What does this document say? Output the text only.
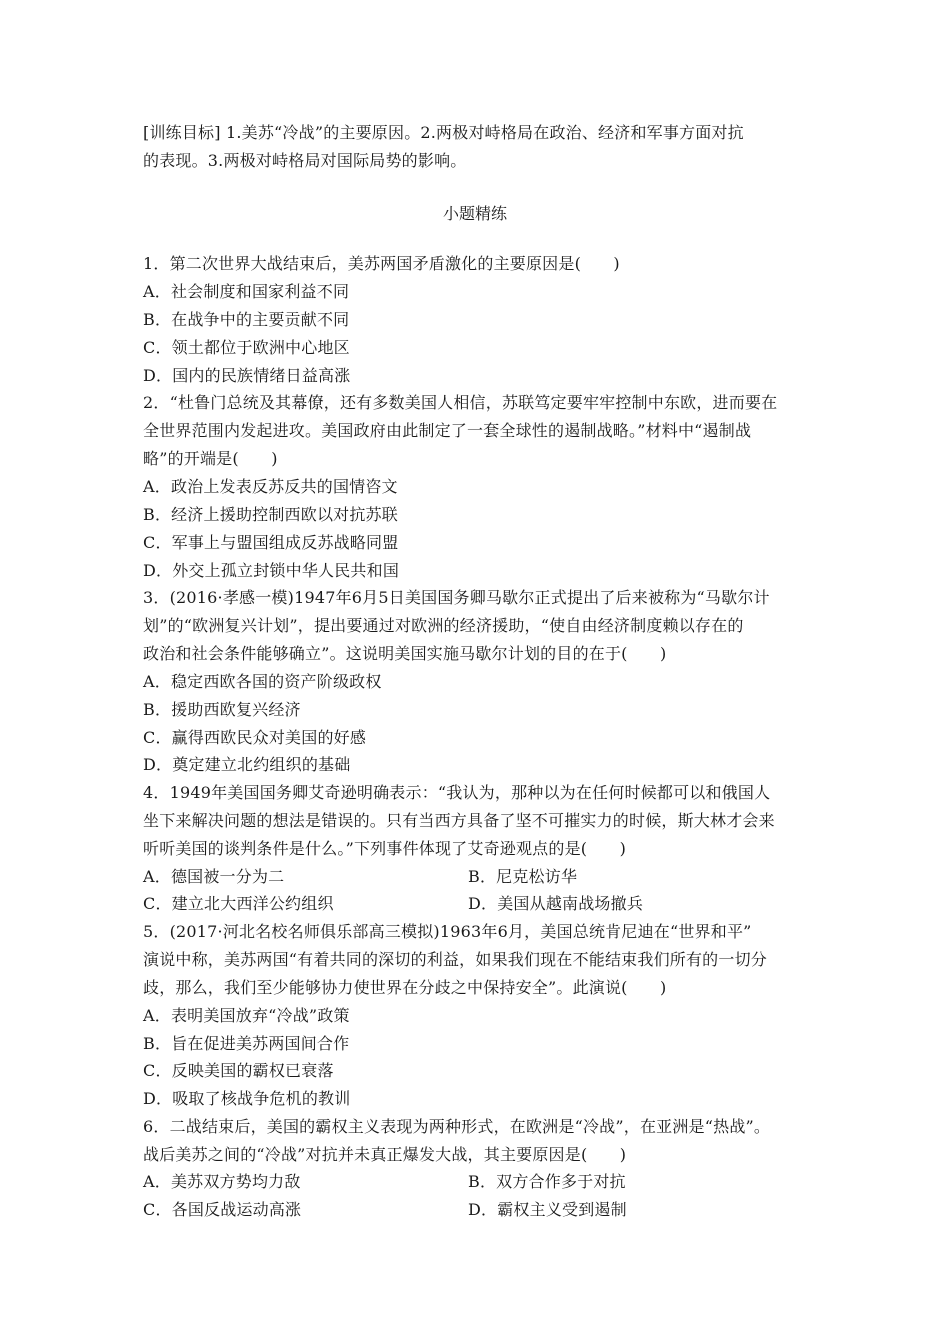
[训练目标] 1.美苏“冷战”的主要原因。2.两极对峙格局在政治、经济和军事方面对抗
的表现。3.两极对峙格局对国际局势的影响。
小题精练
1．第二次世界大战结束后，美苏两国矛盾激化的主要原因是(　　)
A．社会制度和国家利益不同
B．在战争中的主要贡献不同
C．领土都位于欧洲中心地区
D．国内的民族情绪日益高涨
2．“杜鲁门总统及其幕僚，还有多数美国人相信，苏联笃定要牢牢控制中东欧，进而要在
全世界范围内发起进攻。美国政府由此制定了一套全球性的遏制战略。”材料中“遏制战
略”的开端是(　　)
A．政治上发表反苏反共的国情咨文
B．经济上援助控制西欧以对抗苏联
C．军事上与盟国组成反苏战略同盟
D．外交上孤立封锁中华人民共和国
3．(2016·孝感一模)1947年6月5日美国国务卿马歇尔正式提出了后来被称为“马歇尔计
划”的“欧洲复兴计划”，提出要通过对欧洲的经济援助，“使自由经济制度赖以存在的
政治和社会条件能够确立”。这说明美国实施马歇尔计划的目的在于(　　)
A．稳定西欧各国的资产阶级政权
B．援助西欧复兴经济
C．赢得西欧民众对美国的好感
D．奠定建立北约组织的基础
4．1949年美国国务卿艾奇逊明确表示：“我认为，那种以为在任何时候都可以和俄国人
坐下来解决问题的想法是错误的。只有当西方具备了坚不可摧实力的时候，斯大林才会来
听听美国的谈判条件是什么。”下列事件体现了艾奇逊观点的是(　　)
A．德国被一分为二	B．尼克松访华
C．建立北大西洋公约组织	D．美国从越南战场撤兵
5．(2017·河北名校名师俱乐部高三模拟)1963年6月，美国总统肯尼迪在“世界和平”
演说中称，美苏两国“有着共同的深切的利益，如果我们现在不能结束我们所有的一切分
歧，那么，我们至少能够协力使世界在分歧之中保持安全”。此演说(　　)
A．表明美国放弃“冷战”政策
B．旨在促进美苏两国间合作
C．反映美国的霸权已衰落
D．吸取了核战争危机的教训
6．二战结束后，美国的霸权主义表现为两种形式，在欧洲是“冷战”，在亚洲是“热战”。
战后美苏之间的“冷战”对抗并未真正爆发大战，其主要原因是(　　)
A．美苏双方势均力敌	B．双方合作多于对抗
C．各国反战运动高涨	D．霸权主义受到遏制
